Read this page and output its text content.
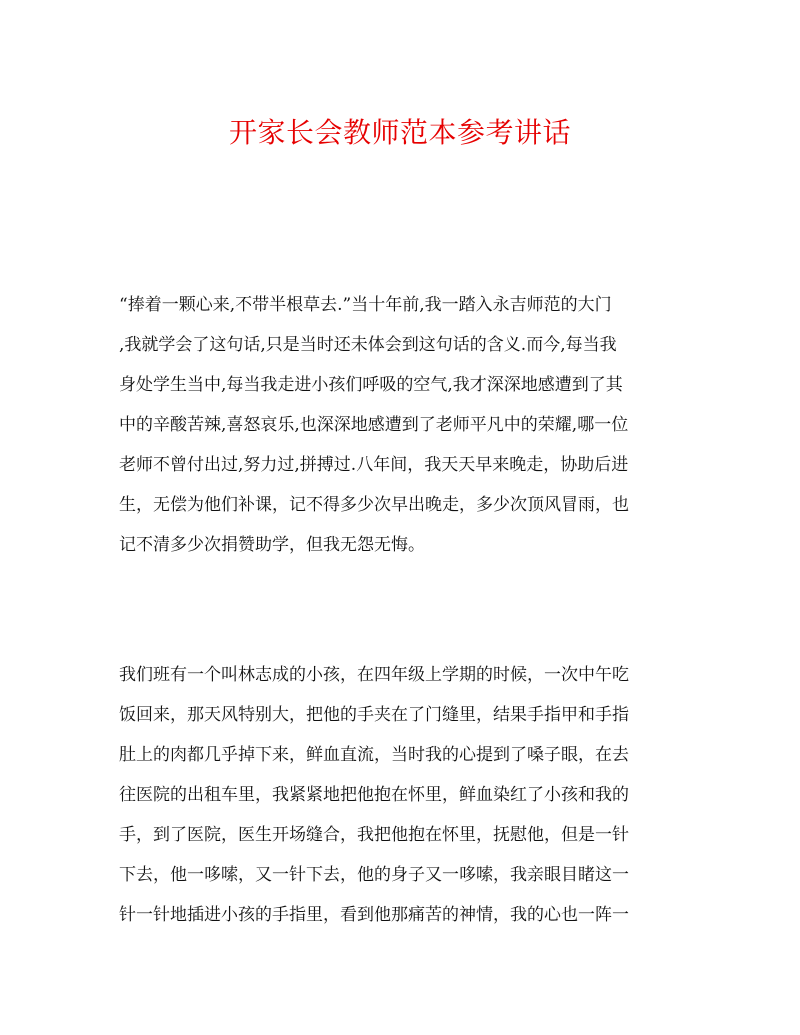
开家长会教师范本参考讲话
“捧着一颗心来,不带半根草去.”当十年前,我一踏入永吉师范的大门
,我就学会了这句话,只是当时还未体会到这句话的含义.而今,每当我
身处学生当中,每当我走进小孩们呼吸的空气,我才深深地感遭到了其
中的辛酸苦辣,喜怒哀乐,也深深地感遭到了老师平凡中的荣耀,哪一位
老师不曾付出过,努力过,拼搏过.八年间，我天天早来晚走，协助后进
生，无偿为他们补课，记不得多少次早出晚走，多少次顶风冒雨，也
记不清多少次捐赞助学，但我无怨无悔。
我们班有一个叫林志成的小孩，在四年级上学期的时候，一次中午吃
饭回来，那天风特别大，把他的手夹在了门缝里，结果手指甲和手指
肚上的肉都几乎掉下来，鲜血直流，当时我的心提到了嗓子眼，在去
往医院的出租车里，我紧紧地把他抱在怀里，鲜血染红了小孩和我的
手，到了医院，医生开场缝合，我把他抱在怀里，抚慰他，但是一针
下去，他一哆嗦，又一针下去，他的身子又一哆嗦，我亲眼目睹这一
针一针地插进小孩的手指里，看到他那痛苦的神情，我的心也一阵一
